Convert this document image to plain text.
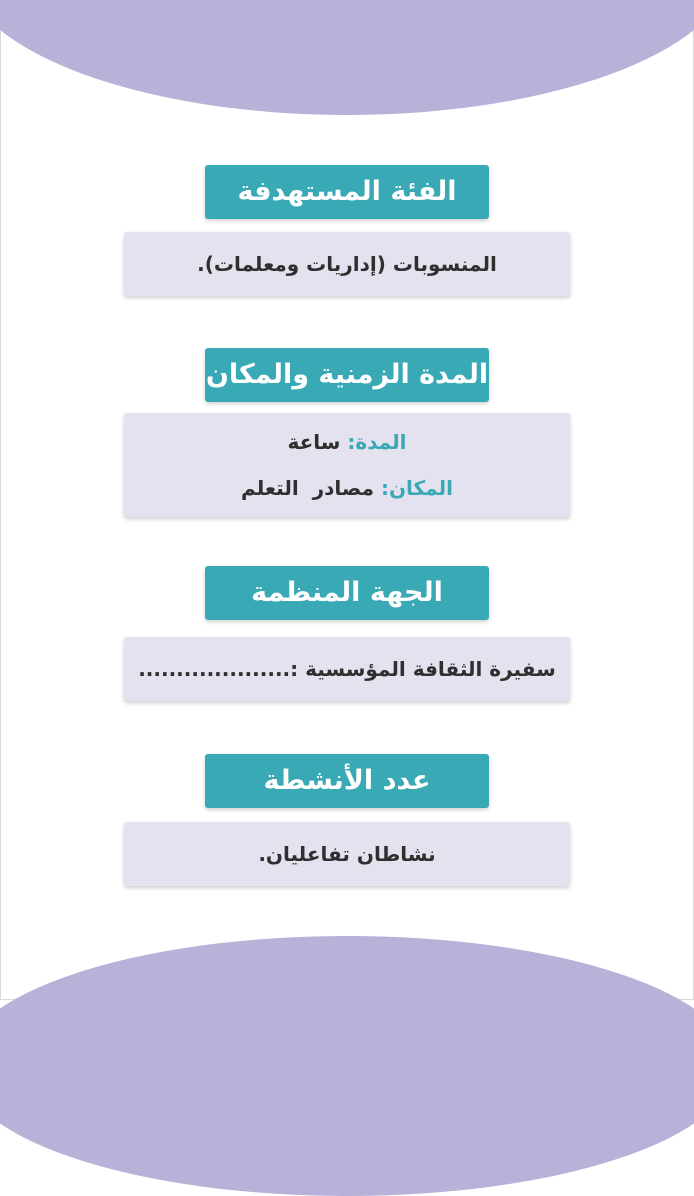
الفئة المستهدفة
المنسوبات (إداريات ومعلمات).
المدة الزمنية والمكان
المدة: ساعة
المكان: مصادر  التعلم
الجهة المنظمة
سفيرة الثقافة المؤسسية :....................
عدد الأنشطة
نشاطان تفاعليان.
